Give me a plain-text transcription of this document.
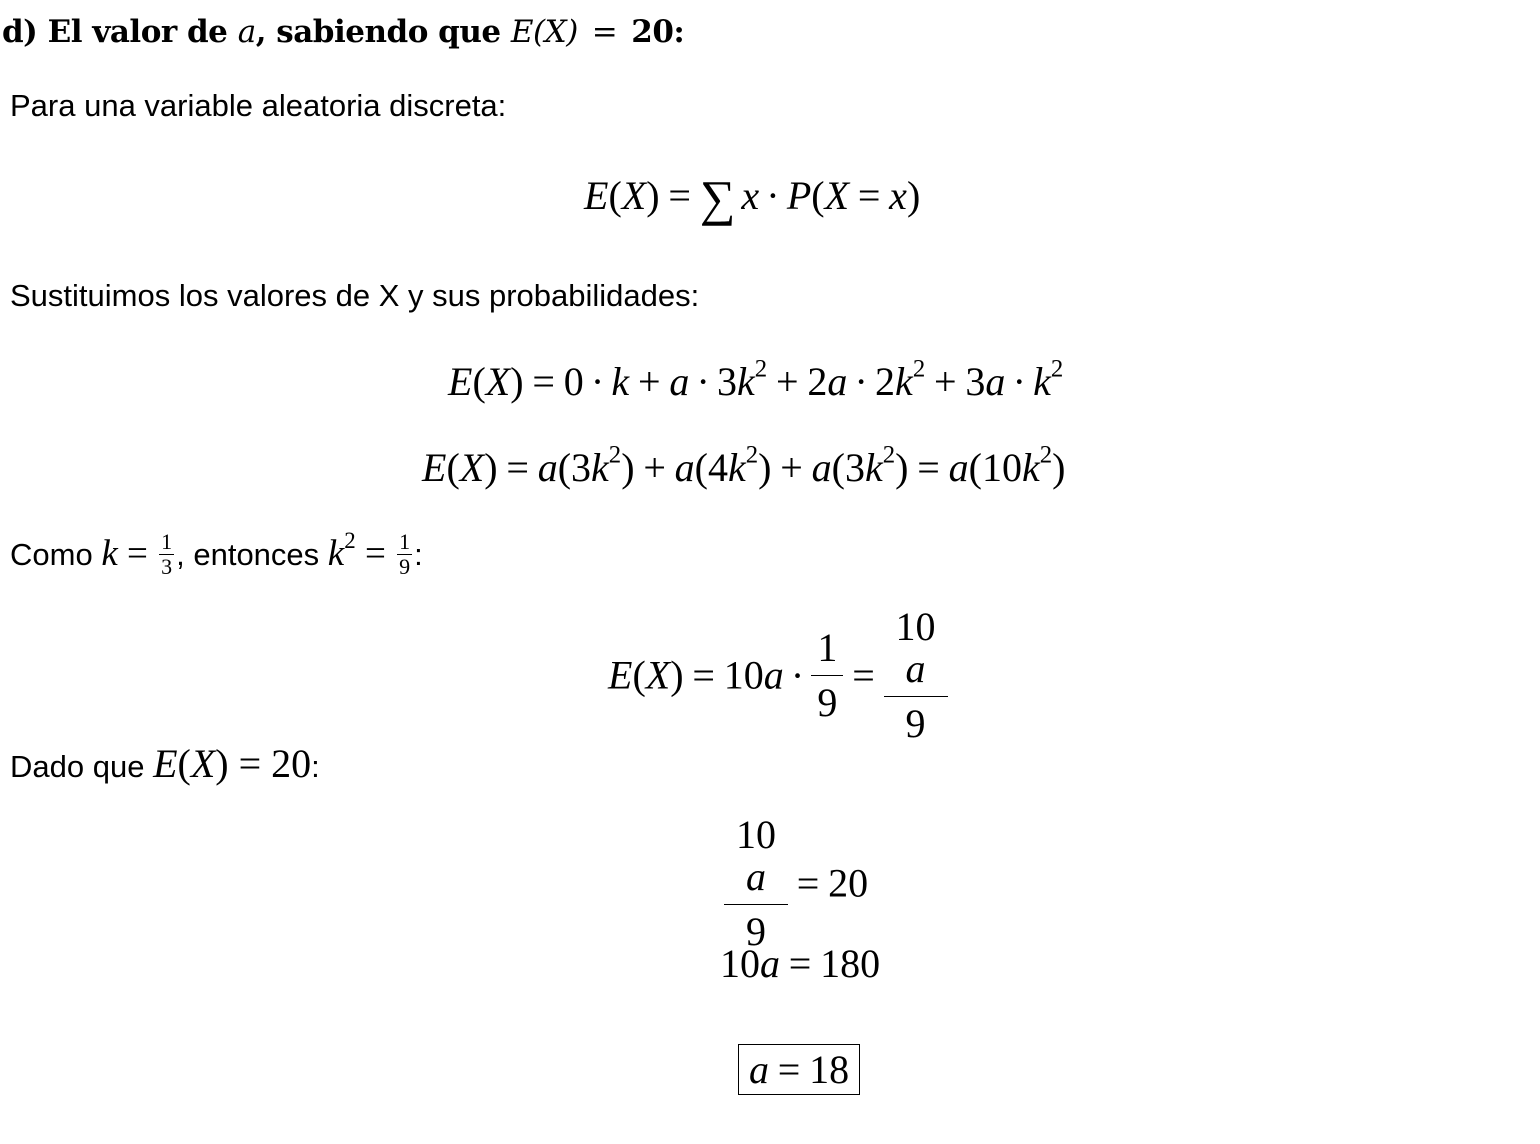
d) El valor de a, sabiendo que E(X) = 20:
Para una variable aleatoria discreta:
E(X) = ∑ x · P(X = x)
Sustituimos los valores de X y sus probabilidades:
$E(X) = 0 \cdot k + a \cdot 3k^2 + 2a \cdot 2k^2 + 3a \cdot k^2$
$E(X) = a(3k^2) + a(4k^2) + a(3k^2) = a(10k^2)$
Como $k = \frac{1}{3}$ , entonces $k^2 = \frac{1}{9}$ :
$E(X) = 10a \cdot \frac{1}{9} = 10$
a
9
Dado que E(X) = 20:
10
a
9 = 20
10a = 180
a = 18
